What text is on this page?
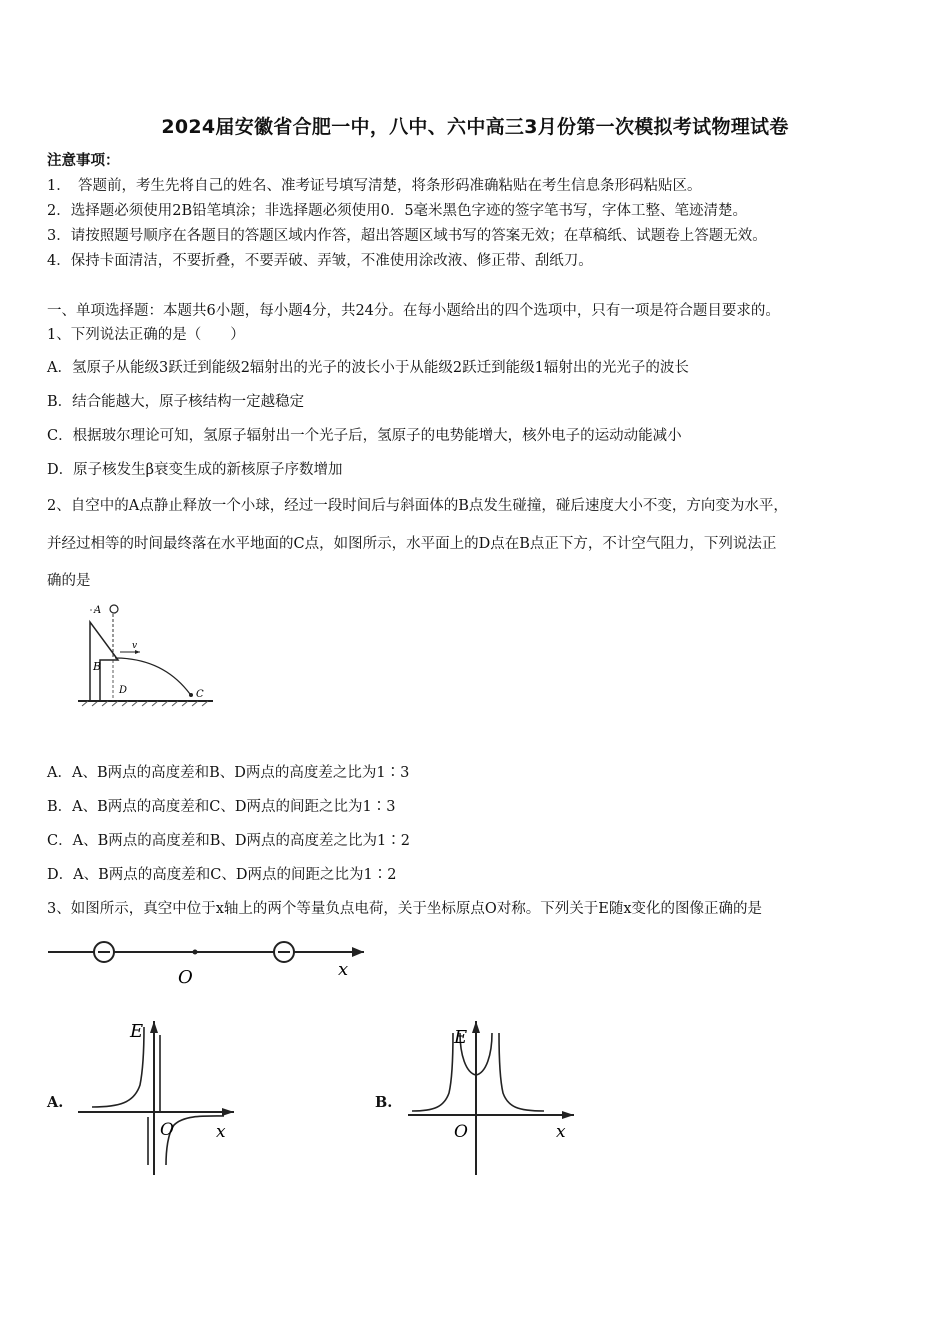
2024届安徽省合肥一中，八中、六中高三3月份第一次模拟考试物理试卷
注意事项：
1．　答题前，考生先将自己的姓名、准考证号填写清楚，将条形码准确粘贴在考生信息条形码粘贴区。
2．选择题必须使用2B铅笔填涂；非选择题必须使用0．5毫米黑色字迹的签字笔书写，字体工整、笔迹清楚。
3．请按照题号顺序在各题目的答题区域内作答，超出答题区域书写的答案无效；在草稿纸、试题卷上答题无效。
4．保持卡面清洁，不要折叠，不要弄破、弄皱，不准使用涂改液、修正带、刮纸刀。
一、单项选择题：本题共6小题，每小题4分，共24分。在每小题给出的四个选项中，只有一项是符合题目要求的。
1、下列说法正确的是（　　）
A．氢原子从能级3跃迁到能级2辐射出的光子的波长小于从能级2跃迁到能级1辐射出的光光子的波长
B．结合能越大，原子核结构一定越稳定
C．根据玻尔理论可知，氢原子辐射出一个光子后，氢原子的电势能增大，核外电子的运动动能减小
D．原子核发生β衰变生成的新核原子序数增加
2、自空中的A点静止释放一个小球，经过一段时间后与斜面体的B点发生碰撞，碰后速度大小不变，方向变为水平，
并经过相等的时间最终落在水平地面的C点，如图所示，水平面上的D点在B点正下方，不计空气阻力，下列说法正
确的是
A
B
v
D	C
A．A、B两点的高度差和B、D两点的高度差之比为1∶3
B．A、B两点的高度差和C、D两点的间距之比为1∶3
C．A、B两点的高度差和B、D两点的高度差之比为1∶2
D．A、B两点的高度差和C、D两点的间距之比为1∶2
3、如图所示，真空中位于x轴上的两个等量负点电荷，关于坐标原点O对称。下列关于E随x变化的图像正确的是
O	x
A.
E
O x
B.
E
O	x
